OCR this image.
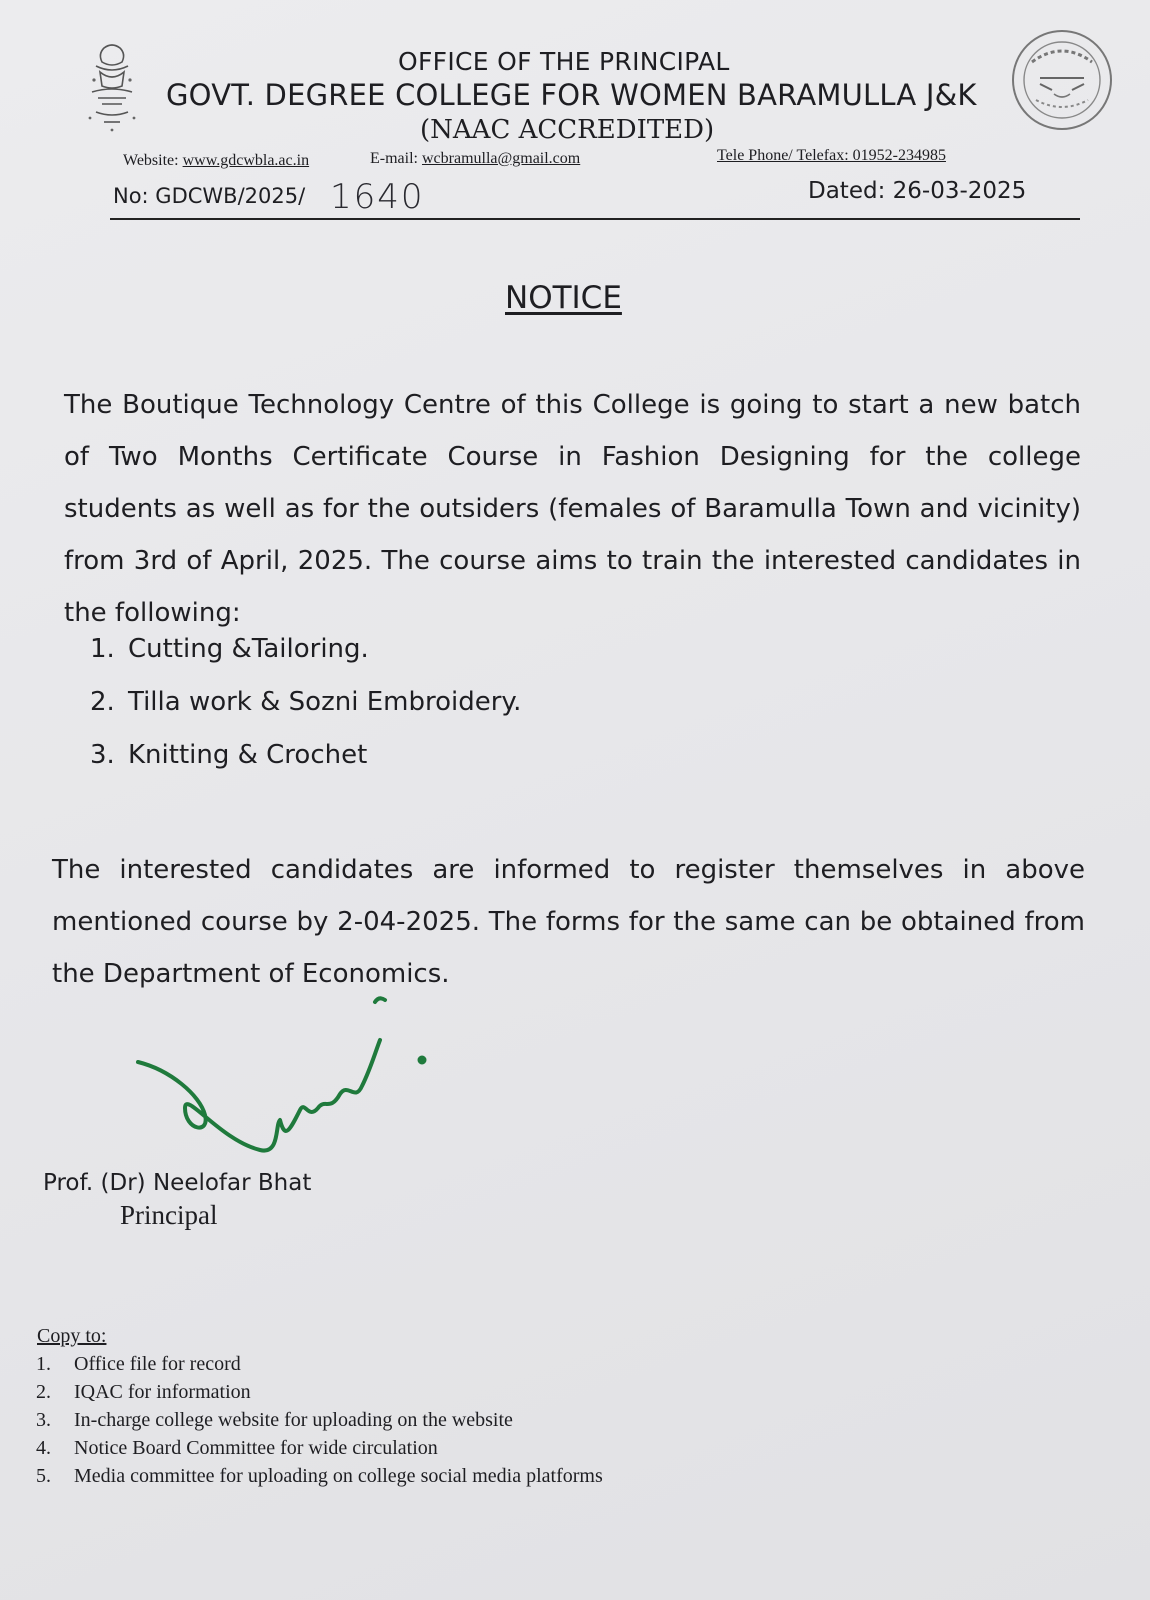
OFFICE OF THE PRINCIPAL
GOVT. DEGREE COLLEGE FOR WOMEN BARAMULLA J&K
(NAAC ACCREDITED)
Website: www.gdcwbla.ac.in	E-mail: wcbramulla@gmail.com	Tele Phone/ Telefax: 01952-234985
No: GDCWB/2025/ 1640	Dated: 26-03-2025
NOTICE
The Boutique Technology Centre of this College is going to start a new batch of Two Months Certificate Course in Fashion Designing for the college students as well as for the outsiders (females of Baramulla Town and vicinity) from 3rd of April, 2025. The course aims to train the interested candidates in the following:
1. Cutting &Tailoring.
2. Tilla work & Sozni Embroidery.
3. Knitting & Crochet
The interested candidates are informed to register themselves in above mentioned course by 2-04-2025. The forms for the same can be obtained from the Department of Economics.
Prof. (Dr) Neelofar Bhat
Principal
Copy to:
1. Office file for record
2. IQAC for information
3. In-charge college website for uploading on the website
4. Notice Board Committee for wide circulation
5. Media committee for uploading on college social media platforms
